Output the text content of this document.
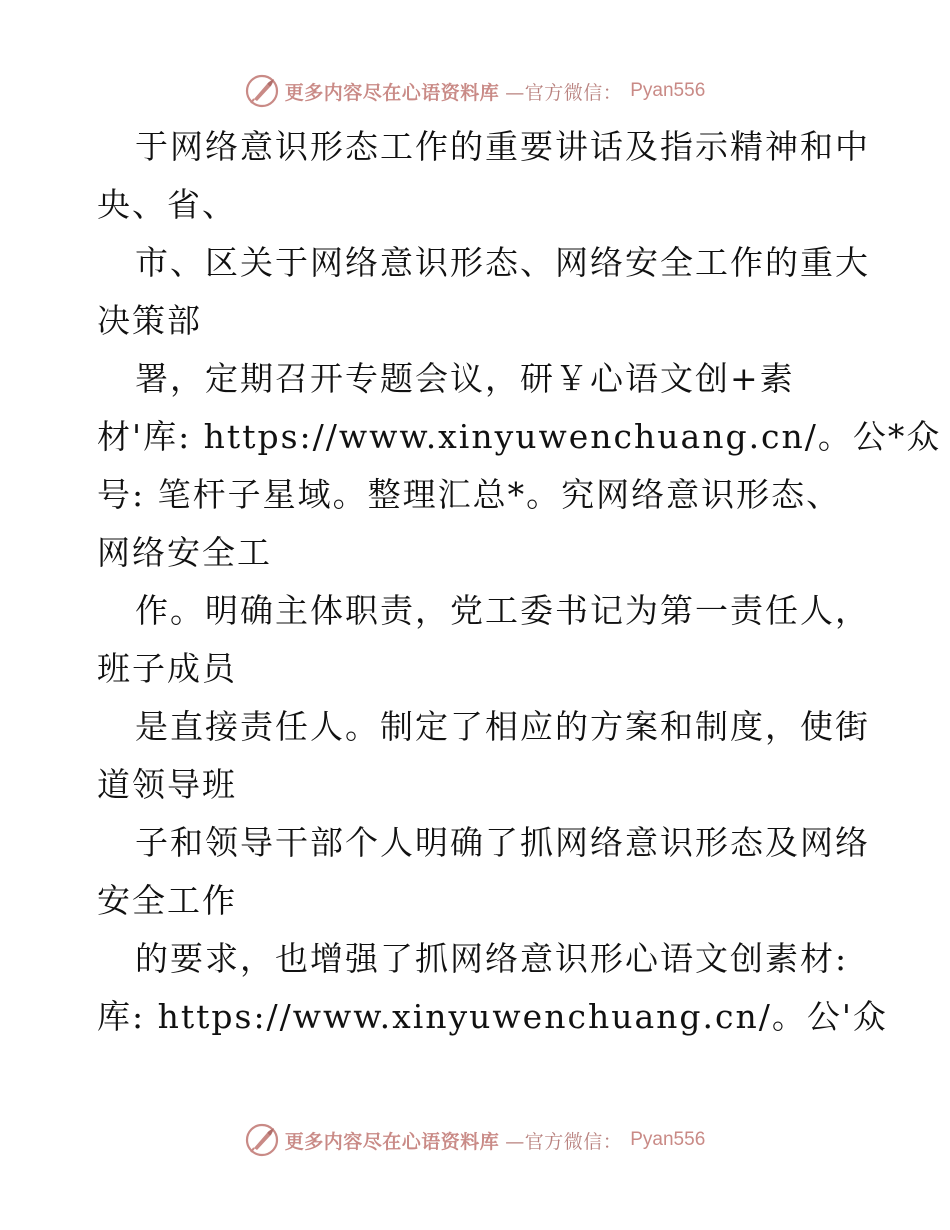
更多内容尽在心语资料库 —官方微信： Pyan556
于网络意识形态工作的重要讲话及指示精神和中
央、省、
市、区关于网络意识形态、网络安全工作的重大
决策部
署，定期召开专题会议，研￥心语文创+素
材'库: https://www.xinyuwenchuang.cn/。公*众
号: 笔杆子星域。整理汇总*。究网络意识形态、
网络安全工
作。明确主体职责，党工委书记为第一责任人，
班子成员
是直接责任人。制定了相应的方案和制度，使街
道领导班
子和领导干部个人明确了抓网络意识形态及网络
安全工作
的要求，也增强了抓网络意识形心语文创素材:
库: https://www.xinyuwenchuang.cn/。公'众
更多内容尽在心语资料库 —官方微信： Pyan556
